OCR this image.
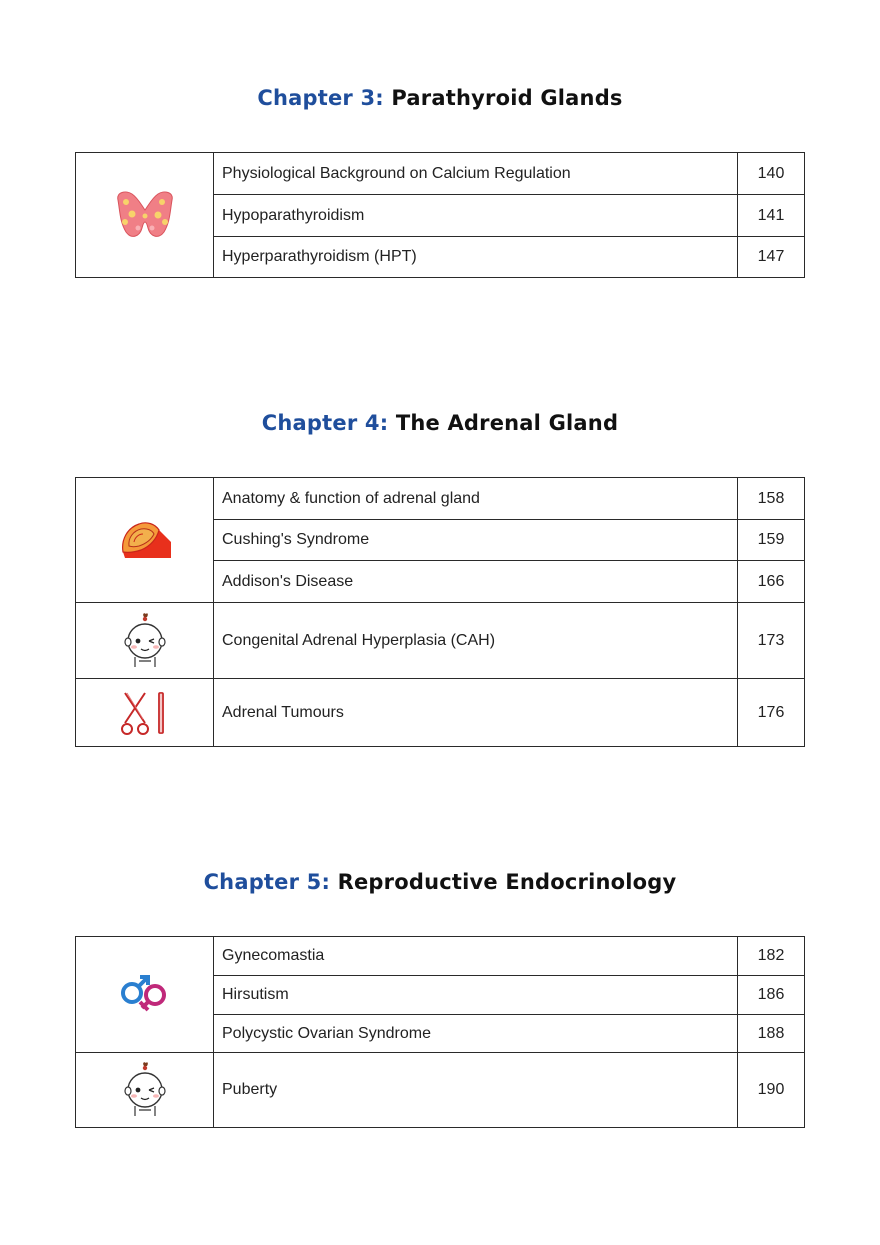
Chapter 3: Parathyroid Glands
	Physiological Background on Calcium Regulation	140
	Hypoparathyroidism	141
	Hyperparathyroidism (HPT)	147
Chapter 4: The Adrenal Gland
	Anatomy & function of adrenal gland	158
	Cushing's Syndrome	159
	Addison's Disease	166
	Congenital Adrenal Hyperplasia (CAH)	173
	Adrenal Tumours	176
Chapter 5: Reproductive Endocrinology
	Gynecomastia	182
	Hirsutism	186
	Polycystic Ovarian Syndrome	188
	Puberty	190
